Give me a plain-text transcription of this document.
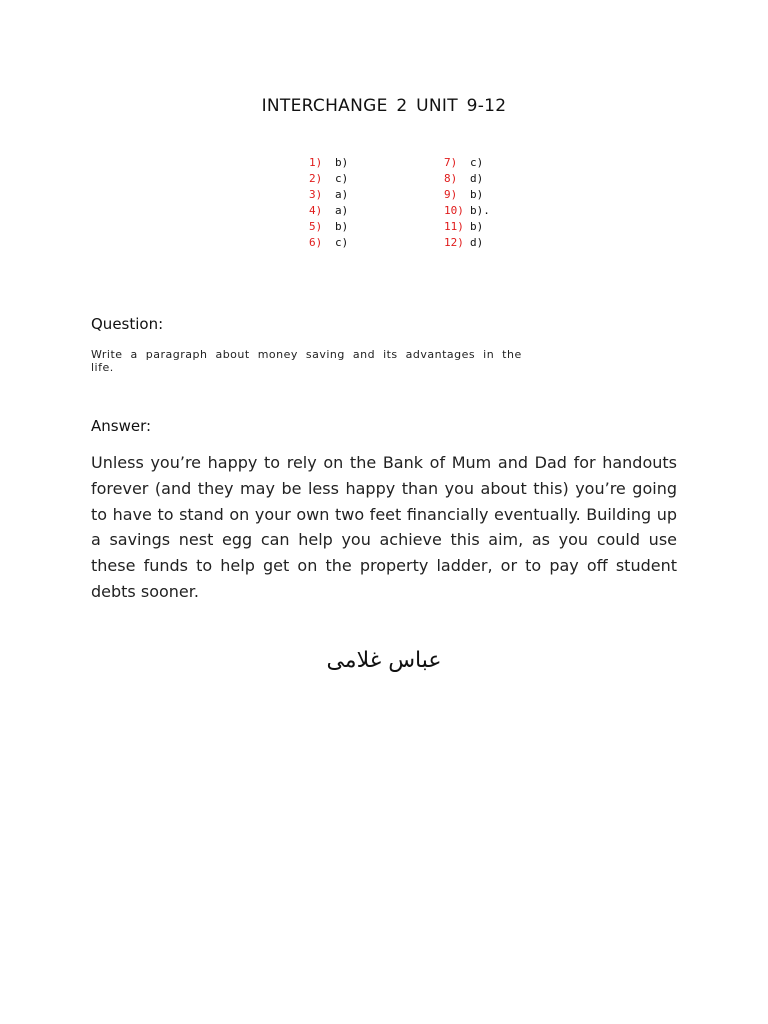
INTERCHANGE 2 UNIT 9-12
1)	b)
2)	c)
3)	a)
4)	a)
5)	b)
6)	c)
7)	c)
8)	d)
9)	b)
10) b).
11) b)
12) d)
Question:
Write a paragraph about money saving and its advantages in the life.
Answer:
Unless you’re happy to rely on the Bank of Mum and Dad for handouts forever (and they may be less happy than you about this) you’re going to have to stand on your own two feet financially eventually. Building up a savings nest egg can help you achieve this aim, as you could use these funds to help get on the property ladder, or to pay off student debts sooner.
عباس غلامی
